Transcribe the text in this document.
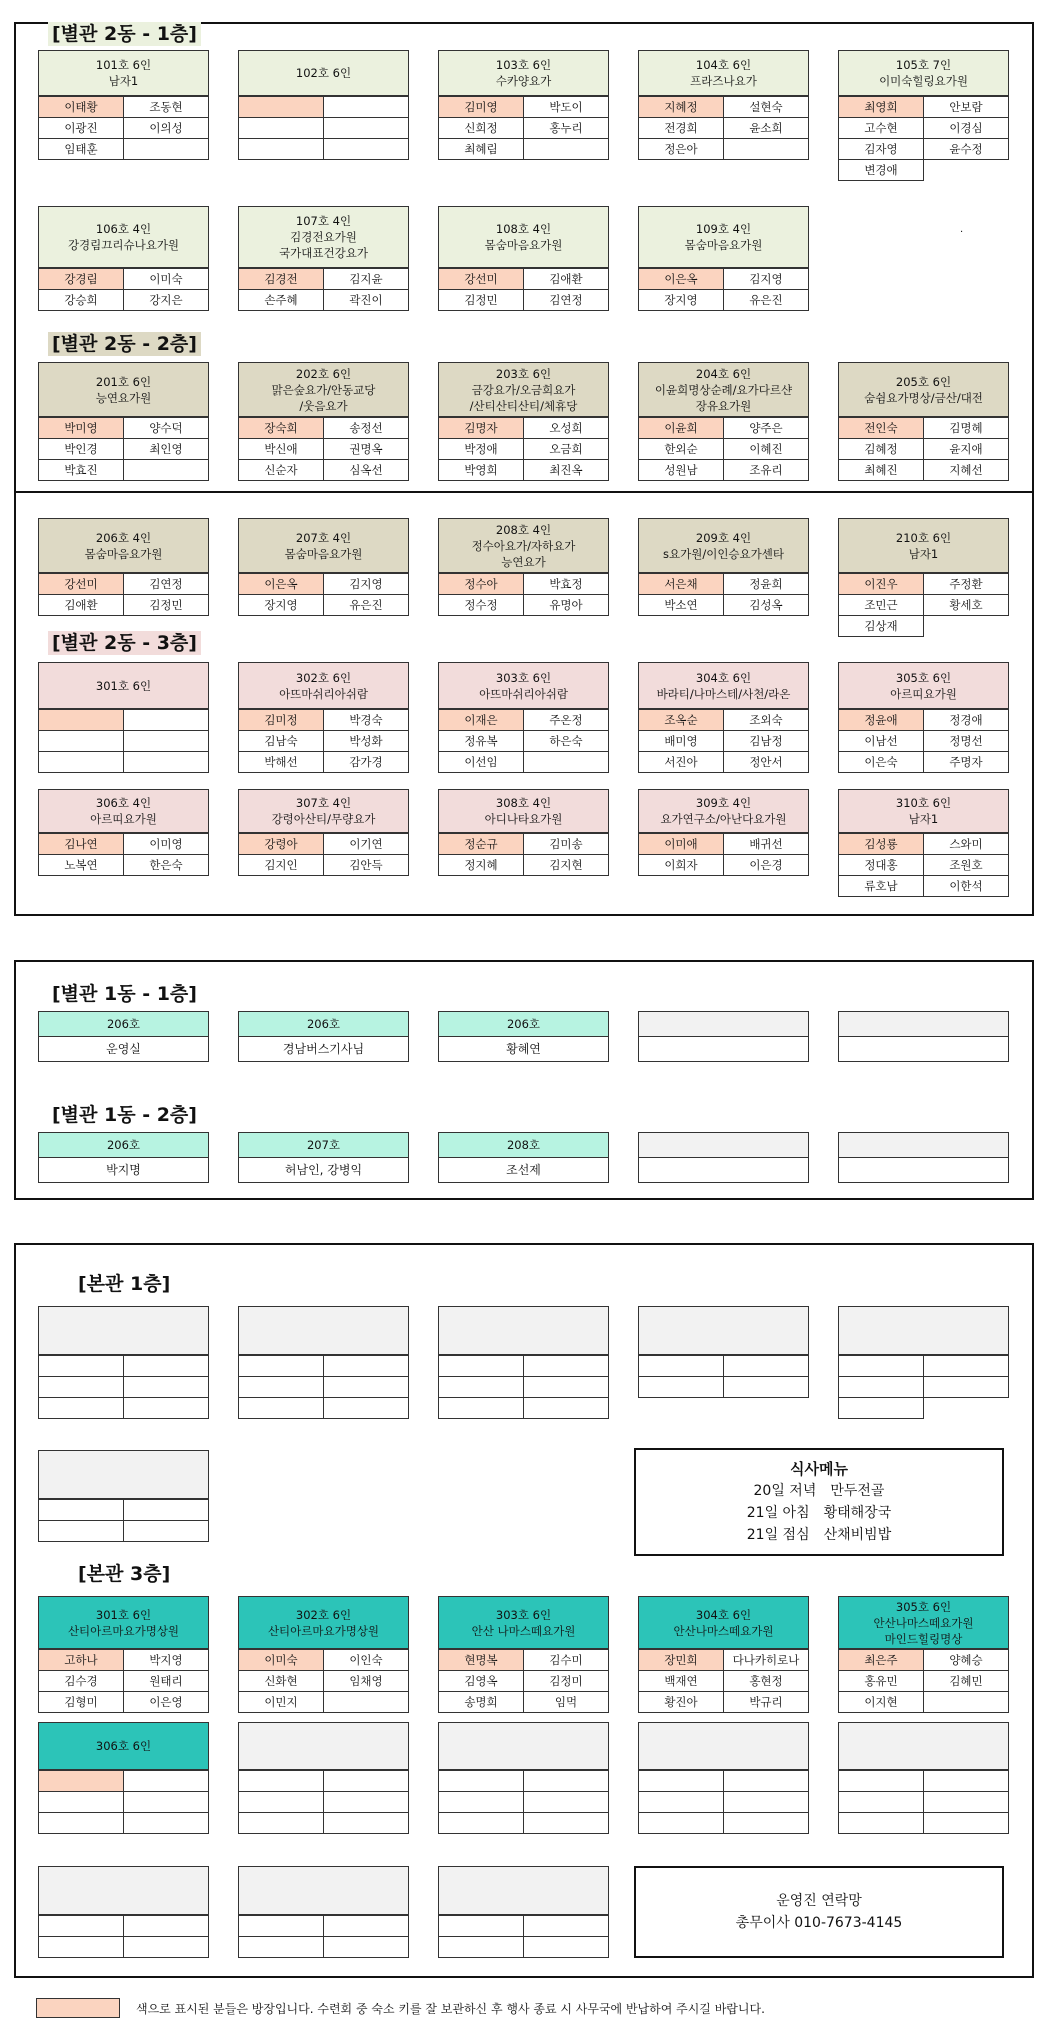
[별관 2동 - 1층]
[별관 2동 - 2층]
[별관 2동 - 3층]
[별관 1동 - 1층]
[별관 1동 - 2층]
[본관 1층]
[본관 3층]
101호 6인
남자1
이태황	조동현
이광진	이의성
임태훈	
102호 6인

103호 6인
수카양요가
김미영	박도이
신희정	홍누리
최혜림	
104호 6인
프라즈나요가
지혜정	설현숙
전경희	윤소희
정은아	
105호 7인
이미숙힐링요가원
최영희	안보람
고수현	이경심
김자영	윤수정
변경애	
106호 4인
강경림끄리슈나요가원
강경림	이미숙
강승희	강지은
107호 4인
김경전요가원
국가대표건강요가
김경전	김지윤
손주혜	곽진이
108호 4인
몸숨마음요가원
강선미	김애환
김정민	김연정
109호 4인
몸숨마음요가원
이은옥	김지영
장지영	유은진
201호 6인
능연요가원
박미영	양수덕
박인경	최인영
박효진	
202호 6인
맑은숲요가/안동교당
/웃음요가
장숙희	송정선
박신애	권명옥
신순자	심옥선
203호 6인
금강요가/오금희요가
/산티산티산티/체휴당
김명자	오성희
박정애	오금희
박영희	최진옥
204호 6인
이윤희명상순례/요가다르샨
장유요가원
이윤희	양주은
한외순	이혜진
성원남	조유리
205호 6인
숨쉼요가명상/금산/대전
전인숙	김명헤
김혜정	윤지애
최혜진	지혜선
206호 4인
몸숨마음요가원
강선미	김연정
김애환	김정민
207호 4인
몸숨마음요가원
이은옥	김지영
장지영	유은진
208호 4인
정수아요가/자하요가
능연요가
정수아	박효정
정수정	유명아
209호 4인
s요가원/이인승요가센타
서은채	정윤희
박소연	김성옥
210호 6인
남자1
이진우	주정환
조민근	황세호
김상재	
301호 6인

302호 6인
아뜨마쉬리아쉬람
김미정	박경숙
김남숙	박성화
박해선	감가경
303호 6인
아뜨마쉬리아쉬람
이재은	주온정
정유복	하은숙
이선임	
304호 6인
바라티/나마스테/사천/라온
조옥순	조외숙
배미영	김남정
서진아	정안서
305호 6인
아르띠요가원
정윤애	정경애
이남선	정명선
이은숙	주명자
306호 4인
아르띠요가원
김나연	이미영
노복연	한은숙
307호 4인
강령아산티/무량요가
강령아	이기연
김지인	김안득
308호 4인
아디나타요가원
정순규	김미송
정지혜	김지현
309호 4인
요가연구소/아난다요가원
이미애	배귀선
이희자	이은경
310호 6인
남자1
김성룡	스와미
정대홍	조원호
류호남	이한석
206호
운영실
206호
경남버스기사님
206호
황혜연
206호
박지명
207호
허남인, 강병익
208호
조선제

301호 6인
산티아르마요가명상원
고하나	박지영
김수경	원태리
김형미	이은영
302호 6인
산티아르마요가명상원
이미숙	이인숙
신화현	임채영
이민지	
303호 6인
안산 나마스떼요가원
현명복	김수미
김영옥	김정미
송명희	임먹
304호 6인
안산나마스떼요가원
장민희	다나카히로나
백재연	홍현정
황진아	박규리
305호 6인
안산나마스떼요가원
마인드힐링명상
최은주	양혜승
홍유민	김혜민
이지현	
306호 6인

.
식사메뉴
20일 저녁 만두전골
21일 아침 황태해장국
21일 점심 산채비빔밥
운영진 연락망
총무이사 010-7673-4145
색으로 표시된 분들은 방장입니다. 수련회 중 숙소 키를 잘 보관하신 후 행사 종료 시 사무국에 반납하여 주시길 바랍니다.
